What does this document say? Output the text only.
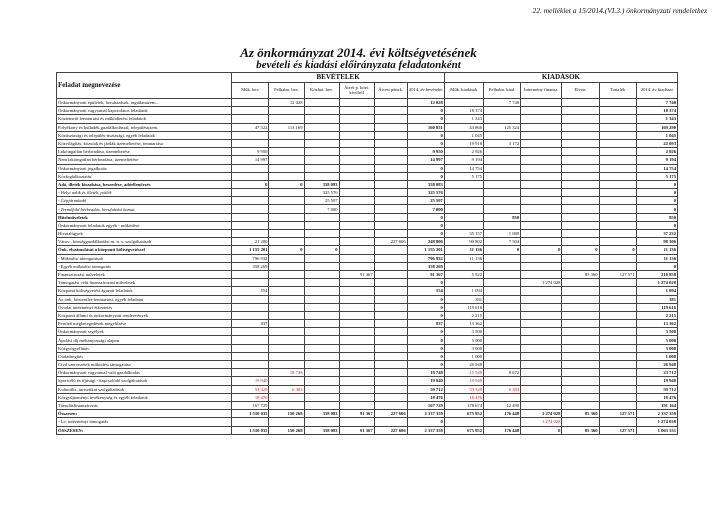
22. melléklet a 15/2014.(VI.3.) önkormányzati rendelethez
Az önkormányzat 2014. évi költségvetésének
bevételi és kiadási előirányzata feladatonként
Feladat megnevezése	BEVÉTELEK						KIADÁSOK					
	Műk. bev.	Felhalm. bev.	Közhat. bev.	Átvét p. közt. kívülről	Átvett pénzk.	2014. év bevételei	Műk. kiadások	Felhalm. kiad.	Intermény finansz.	Elvon.	Tartalék	2014. év kiadásai
Önkormányzati épületek, beruházások, ingatlanüzem...		12 028				12 028		7 740				7 740
Önkormányzati vagyonnal kapcsolatos feladatok						0	18 374					18 374
Köztemető-fenntartási és működtetési feladatok						0	1 343					1 343
Folyékony és hulladék gazdálkodással, településüzem.	47 522	113 169				160 851	43 866	125 324				169 290
Köztisztasági és település-tisztasági, egyéb feladatok						0	1 045					1 045
Közvilágítás, közutak és járdák üzemeltetése, fenntartása						0	19 918	3 172				22 093
Lakóingatlan bérbeadása, üzemeltetése	9 950					9 950	2 926					2 926
Nem lakóingatlan bérbeadása, üzemeltetése	14 997					14 997	9 194					9 194
Önkormányzati jogalkotás						0	14 754					14 754
Közfoglalkoztatás						0	5 175					5 175
Adó, illeték kiszabása, beszedése, adóellenőrzés	0	0	358 083			358 083						0
- Helyi adók és illeték, pótlék			325 576			325 576						0
- Gépjárműadó			25 507			25 507						0
- Termőföld bérbeadás, beruházási kamat			7 000			7 000						0
Hitelműveletek						0		850				850
Önkormányzati feladatok egyéb - működése						0						0
Hivatalügyek						0	35 157	1 080				37 232
Város-, községgazdálkodási m. n. s. szolgáltatások	21 200				227 606	248 806	90 802	7 504				98 306
Önk. elszámolásai a központi költségvetéssel	1 155 201	0	0			1 155 201	11 136	0	0	0	0	11 136
- Működési támogatások	796 932					796 932	11 136					11 136
- Egyéb működési támogatás	358 269					358 269						0
Finanszírozási műveletek				91 367		91 367	5 922			85 360	127 571	216 858
Támogatási célú finanszírozási műveletek						0			1 274 028			1 274 028
Központi költségvetési ágazati feladatok	554					554	1 094					1 094
Az önk. közterület-fenntartási, egyéb feladatai						0	381					381
Óvodai intézményi étkeztetés						0	119 616					119 616
Központi állami és önkormányzati rendezvények						0	2 215					2 215
Fertőző megbetegedések megelőzése	837					837	13 362					13 362
Önkormányzati segélyek						0	3 500					3 500
Ápolási díj méltányossági alapon						0	5 000					5 000
Közgyógyellátás						0	3 000					3 000
Családsegítés						0	1 000					1 000
Civil szervezetek működési támogatása						0	26 948					26 948
Önkormányzati vagyonnal való gazdálkodás		18 748				18 748	15 540	8 672				23 712
Sportcélú és ifjúsági - kapcsolódó szolgáltatások	19 940					19 940	19 940					19 940
Kulturális, turisztikai szolgáltatások	53 329	6 383				59 712	53 329	6 383				59 712
Közgyűjteményi tevékenység és egyéb feladatok	18 476					18 476	18 476					18 476
Társulásfinanszírozás	167 729					167 729	178 674	12 490				191 164
Összesen:	1 510 035	150 268	358 083	91 367	227 606	2 337 359	675 952	176 448	1 274 028	85 360	127 571	2 337 359
- Le: intézményi támogatás						0			1 274 028			1 274 028
ÖSSZESEN:	1 510 035	150 268	358 083	91 367	227 606	2 337 359	675 952	176 448	0	85 360	127 571	1 063 331
